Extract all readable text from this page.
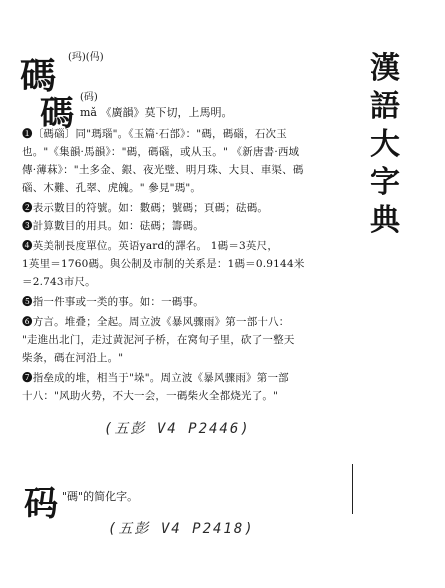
漢語大字典
碼 (玛)(㐷)
碼 (码)
mǎ 《廣韻》莫下切，上馬明。
❶〔碼碯〕同"瑪瑙"。《玉篇·石部》："碼，碼碯，石次玉
也。"《集韻·馬韻》："碼，碼碯，或从玉。" 《新唐書·西域
傳·薄菻》："土多金、銀、夜光璧、明月珠、大貝、車渠、碼
碯、木難、孔翠、虎魄。" 參見"瑪"。
❷表示數目的符號。如：數碼；號碼；頁碼；砝碼。
❸計算數目的用具。如：砝碼；籌碼。
❹英美制長度單位。英语yard的譯名。 1碼＝3英尺，
1英里＝1760碼。與公制及市制的关系是：1碼＝0.9144米
＝2.743市尺。
❺指一件事或一类的事。如：一碼事。
❻方言。堆叠；全起。周立波《暴风骤雨》第一部十八：
"走進出北门，走过黄泥河子桥，在窝旬子里，砍了一整天
柴条，碼在河沿上。"
❼指垒成的堆，相当于"垛"。周立波《暴风骤雨》第一部
十八："风助火势，不大一会，一碼柴火全都烧光了。"
(五彭 V4 P2446)
码 "碼"的简化字。
(五彭 V4 P2418)
